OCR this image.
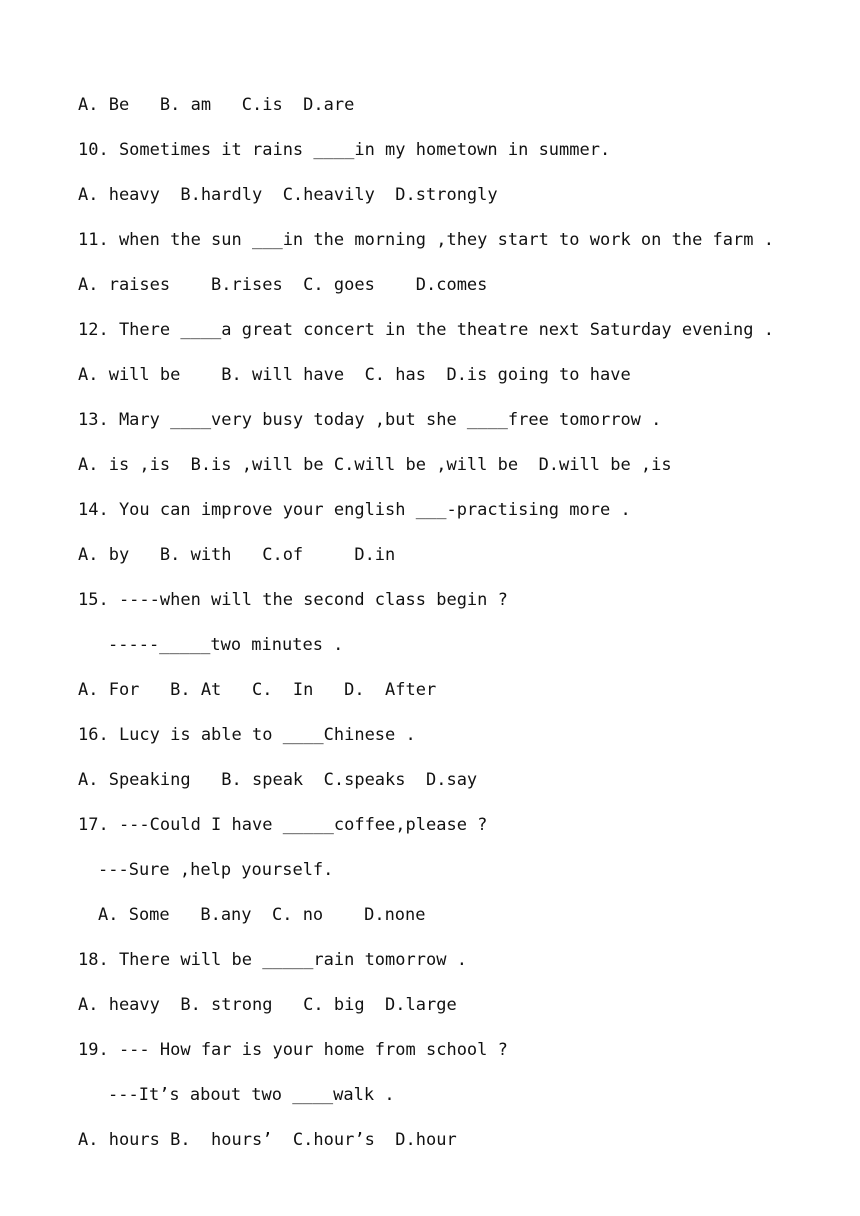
A. Be   B. am   C.is  D.are
10. Sometimes it rains ____in my hometown in summer.
A. heavy  B.hardly  C.heavily  D.strongly
11. when the sun ___in the morning ,they start to work on the farm .
A. raises    B.rises  C. goes    D.comes
12. There ____a great concert in the theatre next Saturday evening .
A. will be    B. will have  C. has  D.is going to have
13. Mary ____very busy today ,but she ____free tomorrow .
A. is ,is  B.is ,will be C.will be ,will be  D.will be ,is
14. You can improve your english ___-practising more .
A. by   B. with   C.of     D.in
15. ----when will the second class begin ?
-----_____two minutes .
A. For   B. At   C.  In   D.  After
16. Lucy is able to ____Chinese .
A. Speaking   B. speak  C.speaks  D.say
17. ---Could I have _____coffee,please ?
---Sure ,help yourself.
A. Some   B.any  C. no    D.none
18. There will be _____rain tomorrow .
A. heavy  B. strong   C. big  D.large
19. --- How far is your home from school ?
---It’s about two ____walk .
A. hours B.  hours’  C.hour’s  D.hour
